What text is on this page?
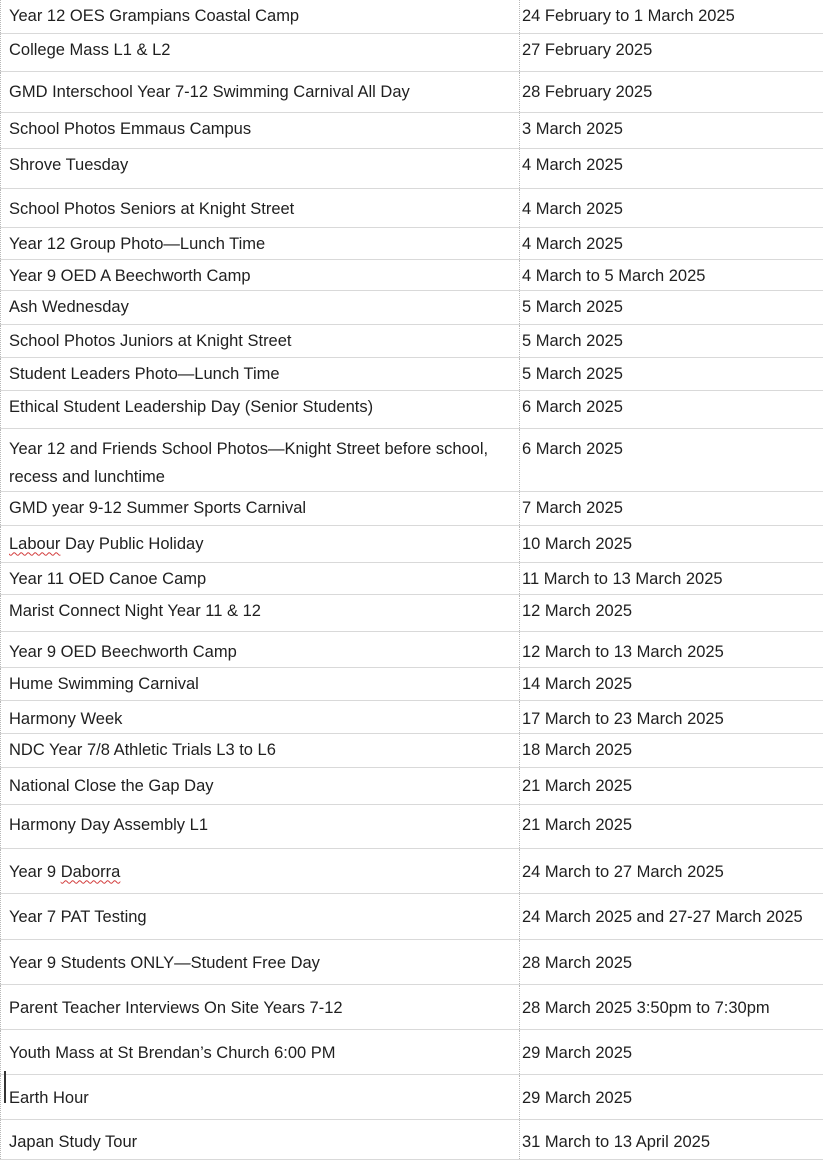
Year 12 OES Grampians Coastal Camp	24 February to 1 March 2025
College Mass L1 & L2	27 February 2025
GMD Interschool Year 7-12 Swimming Carnival All Day	28 February 2025
School Photos Emmaus Campus	3 March 2025
Shrove Tuesday	4 March 2025
School Photos Seniors at Knight Street	4 March 2025
Year 12 Group Photo—Lunch Time	4 March 2025
Year 9 OED A Beechworth Camp	4 March to 5 March 2025
Ash Wednesday	5 March 2025
School Photos Juniors at Knight Street	5 March 2025
Student Leaders Photo—Lunch Time	5 March 2025
Ethical Student Leadership Day (Senior Students)	6 March 2025
Year 12 and Friends School Photos—Knight Street before school, recess and lunchtime	6 March 2025
GMD year 9-12 Summer Sports Carnival	7 March 2025
Labour Day Public Holiday	10 March 2025
Year 11 OED Canoe Camp	11 March to 13 March 2025
Marist Connect Night Year 11 & 12	12 March 2025
Year 9 OED Beechworth Camp	12 March to 13 March 2025
Hume Swimming Carnival	14 March 2025
Harmony Week	17 March to 23 March 2025
NDC Year 7/8 Athletic Trials L3 to L6	18 March 2025
National Close the Gap Day	21 March 2025
Harmony Day Assembly L1	21 March 2025
Year 9 Daborra	24 March to 27 March 2025
Year 7 PAT Testing	24 March 2025 and 27-27 March 2025
Year 9 Students ONLY—Student Free Day	28 March 2025
Parent Teacher Interviews On Site Years 7-12	28 March 2025 3:50pm to 7:30pm
Youth Mass at St Brendan’s Church 6:00 PM	29 March 2025
Earth Hour	29 March 2025
Japan Study Tour	31 March to 13 April 2025
